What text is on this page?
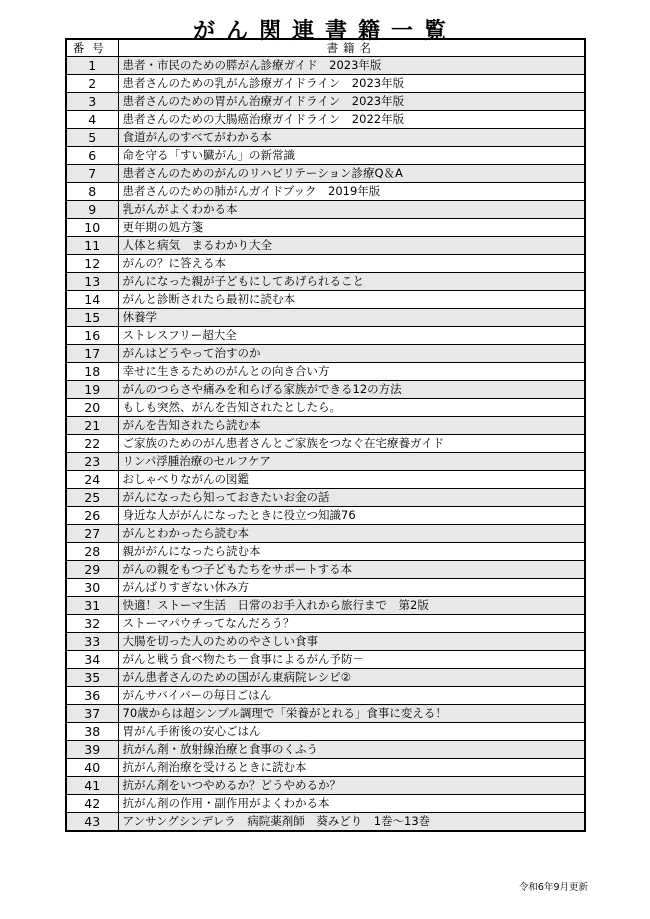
がん関連書籍一覧
番号	書籍名
1	患者・市民のための膵がん診療ガイド　2023年版
2	患者さんのための乳がん診療ガイドライン　2023年版
3	患者さんのための胃がん治療ガイドライン　2023年版
4	患者さんのための大腸癌治療ガイドライン　2022年版
5	食道がんのすべてがわかる本
6	命を守る「すい臓がん」の新常識
7	患者さんのためのがんのリハビリテーション診療Q＆A
8	患者さんのための肺がんガイドブック　2019年版
9	乳がんがよくわかる本
10	更年期の処方箋
11	人体と病気　まるわかり大全
12	がんの？に答える本
13	がんになった親が子どもにしてあげられること
14	がんと診断されたら最初に読む本
15	休養学
16	ストレスフリー超大全
17	がんはどうやって治すのか
18	幸せに生きるためのがんとの向き合い方
19	がんのつらさや痛みを和らげる家族ができる12の方法
20	もしも突然、がんを告知されたとしたら。
21	がんを告知されたら読む本
22	ご家族のためのがん患者さんとご家族をつなぐ在宅療養ガイド
23	リンパ浮腫治療のセルフケア
24	おしゃべりながんの図鑑
25	がんになったら知っておきたいお金の話
26	身近な人ががんになったときに役立つ知識76
27	がんとわかったら読む本
28	親ががんになったら読む本
29	がんの親をもつ子どもたちをサポートする本
30	がんばりすぎない休み方
31	快適！ストーマ生活　日常のお手入れから旅行まで　第2版
32	ストーマパウチってなんだろう？
33	大腸を切った人のためのやさしい食事
34	がんと戦う食べ物たち－食事によるがん予防－
35	がん患者さんのための国がん東病院レシピ②
36	がんサバイバーの毎日ごはん
37	70歳からは超シンプル調理で「栄養がとれる」食事に変える！
38	胃がん手術後の安心ごはん
39	抗がん剤・放射線治療と食事のくふう
40	抗がん剤治療を受けるときに読む本
41	抗がん剤をいつやめるか？どうやめるか？
42	抗がん剤の作用・副作用がよくわかる本
43	アンサングシンデレラ　病院薬剤師　葵みどり　1巻～13巻
令和6年9月更新
